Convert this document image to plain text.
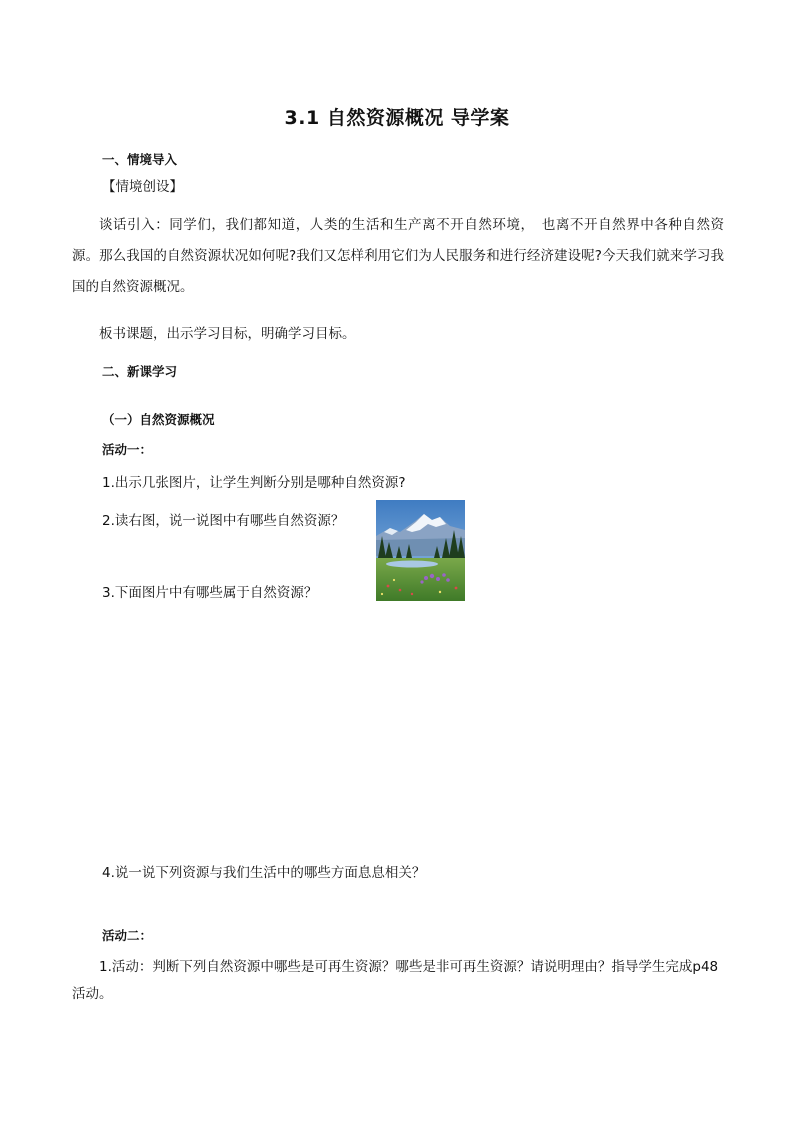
3.1 自然资源概况 导学案
一、情境导入
【情境创设】
谈话引入：同学们，我们都知道，人类的生活和生产离不开自然环境，　也离不开自然界中各种自然资源。那么我国的自然资源状况如何呢?我们又怎样利用它们为人民服务和进行经济建设呢?今天我们就来学习我国的自然资源概况。
板书课题，出示学习目标，明确学习目标。
二、新课学习
（一）自然资源概况
活动一：
1.出示几张图片，让学生判断分别是哪种自然资源?
2.读右图，说一说图中有哪些自然资源？
3.下面图片中有哪些属于自然资源？
4.说一说下列资源与我们生活中的哪些方面息息相关？
活动二：
1.活动：判断下列自然资源中哪些是可再生资源？哪些是非可再生资源？请说明理由？指导学生完成p48 活动。
